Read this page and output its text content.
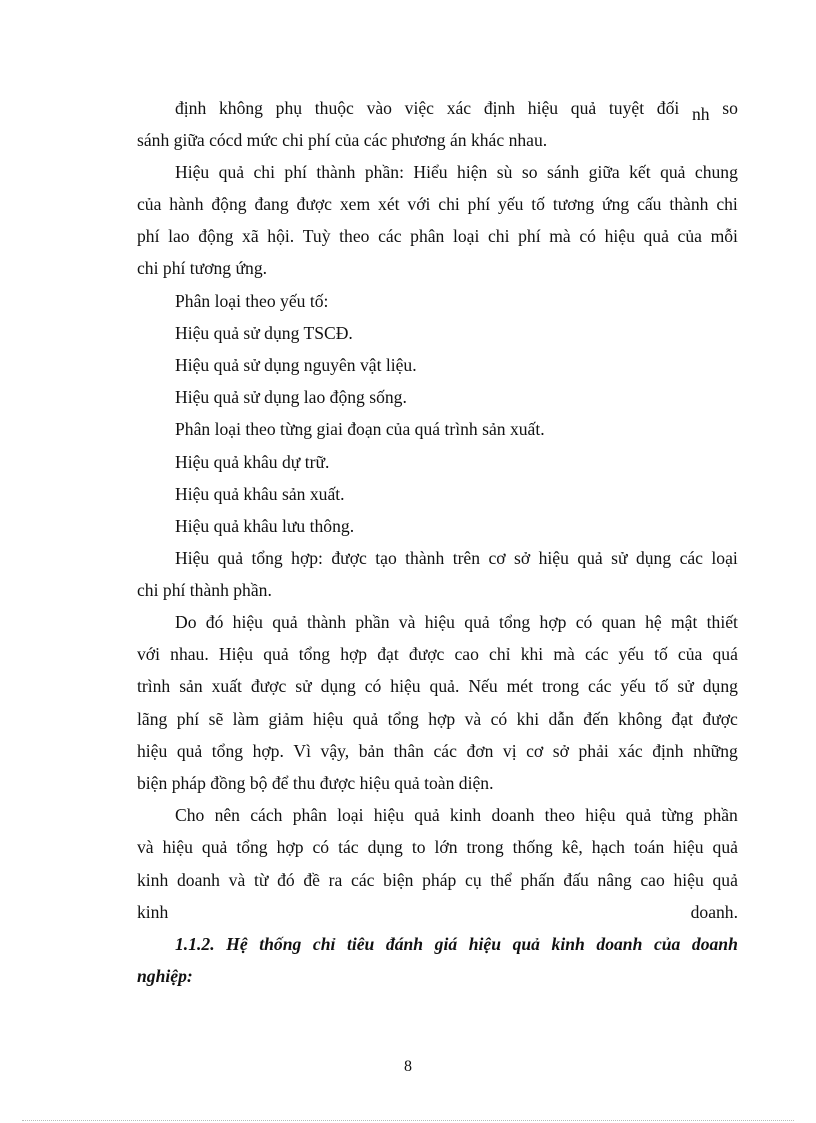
định không phụ thuộc vào việc xác định hiệu quả tuyệt đối nh so

sánh giữa cócd mức chi phí của các phương án khác nhau.

Hiệu quả chi phí thành phần: Hiểu hiện sù so sánh giữa kết quả chung
của hành động đang được xem xét với chi phí yếu tố tương ứng cấu thành chi
phí lao động xã hội. Tuỳ theo các phân loại chi phí mà có hiệu quả của mỗi

chi phí tương ứng.

Phân loại theo yếu tố:

Hiệu quả sử dụng TSCĐ.

Hiệu quả sử dụng nguyên vật liệu.

Hiệu quả sử dụng lao động sống.

Phân loại theo từng giai đoạn của quá trình sản xuất.

Hiệu quả khâu dự trữ.

Hiệu quả khâu sản xuất.

Hiệu quả khâu lưu thông.

Hiệu quả tổng hợp: được tạo thành trên cơ sở hiệu quả sử dụng các loại

chi phí thành phần.

Do đó hiệu quả thành phần và hiệu quả tổng hợp có quan hệ mật thiết
với nhau. Hiệu quả tổng hợp đạt được cao chỉ khi mà các yếu tố của quá
trình sản xuất được sử dụng có hiệu quả. Nếu mét trong các yếu tố sử dụng
lãng phí sẽ làm giảm hiệu quả tổng hợp và có khi dẫn đến không đạt được
hiệu quả tổng hợp. Vì vậy, bản thân các đơn vị cơ sở phải xác định những

biện pháp đồng bộ để thu được hiệu quả toàn diện.

Cho nên cách phân loại hiệu quả kinh doanh theo hiệu quả từng phần
và hiệu quả tổng hợp có tác dụng to lớn trong thống kê, hạch toán hiệu quả
kinh doanh và từ đó đề ra các biện pháp cụ thể phấn đấu nâng cao hiệu quả
kinh	doanh.
1.1.2. Hệ thống chỉ tiêu đánh giá hiệu quả kinh doanh của doanh

nghiệp:

8
